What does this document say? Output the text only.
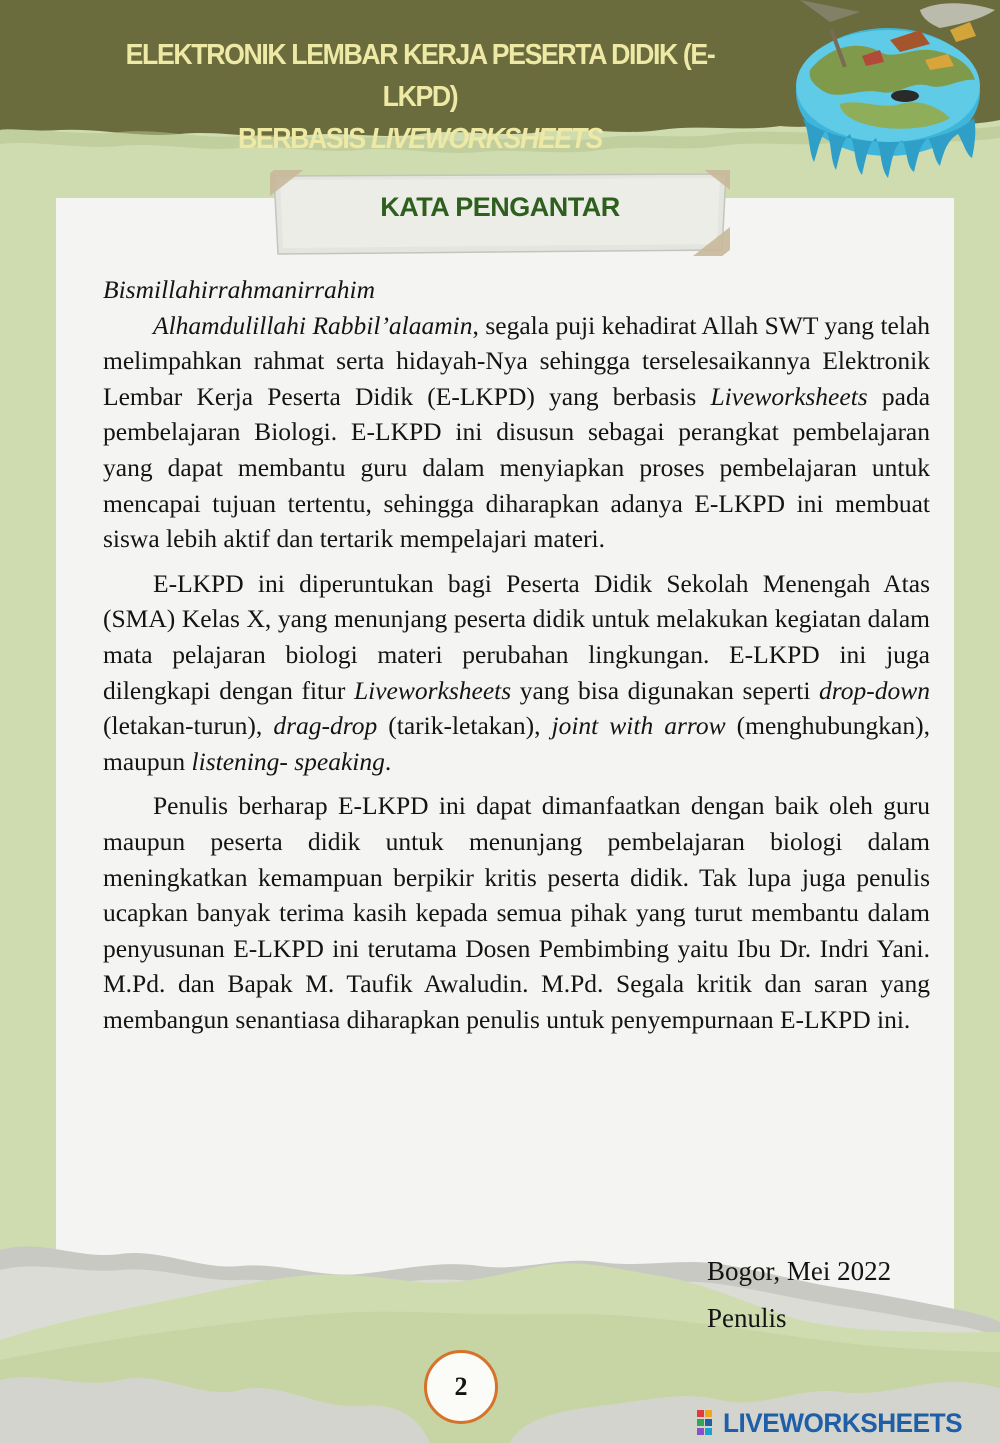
ELEKTRONIK LEMBAR KERJA PESERTA DIDIK (E-LKPD)
BERBASIS LIVEWORKSHEETS
KATA PENGANTAR

Bismillahirrahmanirrahim

Alhamdulillahi Rabbil’alaamin, segala puji kehadirat Allah SWT yang telah melimpahkan rahmat serta hidayah-Nya sehingga terselesaikannya Elektronik Lembar Kerja Peserta Didik (E-LKPD) yang berbasis Liveworksheets pada pembelajaran Biologi. E-LKPD ini disusun sebagai perangkat pembelajaran yang dapat membantu guru dalam menyiapkan proses pembelajaran untuk mencapai tujuan tertentu, sehingga diharapkan adanya E-LKPD ini membuat siswa lebih aktif dan tertarik mempelajari materi.

E-LKPD ini diperuntukan bagi Peserta Didik Sekolah Menengah Atas (SMA) Kelas X, yang menunjang peserta didik untuk melakukan kegiatan dalam mata pelajaran biologi materi perubahan lingkungan. E-LKPD ini juga dilengkapi dengan fitur Liveworksheets yang bisa digunakan seperti drop-down (letakan-turun), drag-drop (tarik-letakan), joint with arrow (menghubungkan), maupun listening- speaking.

Penulis berharap E-LKPD ini dapat dimanfaatkan dengan baik oleh guru maupun peserta didik untuk menunjang pembelajaran biologi dalam meningkatkan kemampuan berpikir kritis peserta didik. Tak lupa juga penulis ucapkan banyak terima kasih kepada semua pihak yang turut membantu dalam penyusunan E-LKPD ini terutama Dosen Pembimbing yaitu Ibu Dr. Indri Yani. M.Pd. dan Bapak M. Taufik Awaludin. M.Pd. Segala kritik dan saran yang membangun senantiasa diharapkan penulis untuk penyempurnaan E-LKPD ini.

Bogor, Mei 2022
Penulis
2
LIVEWORKSHEETS
